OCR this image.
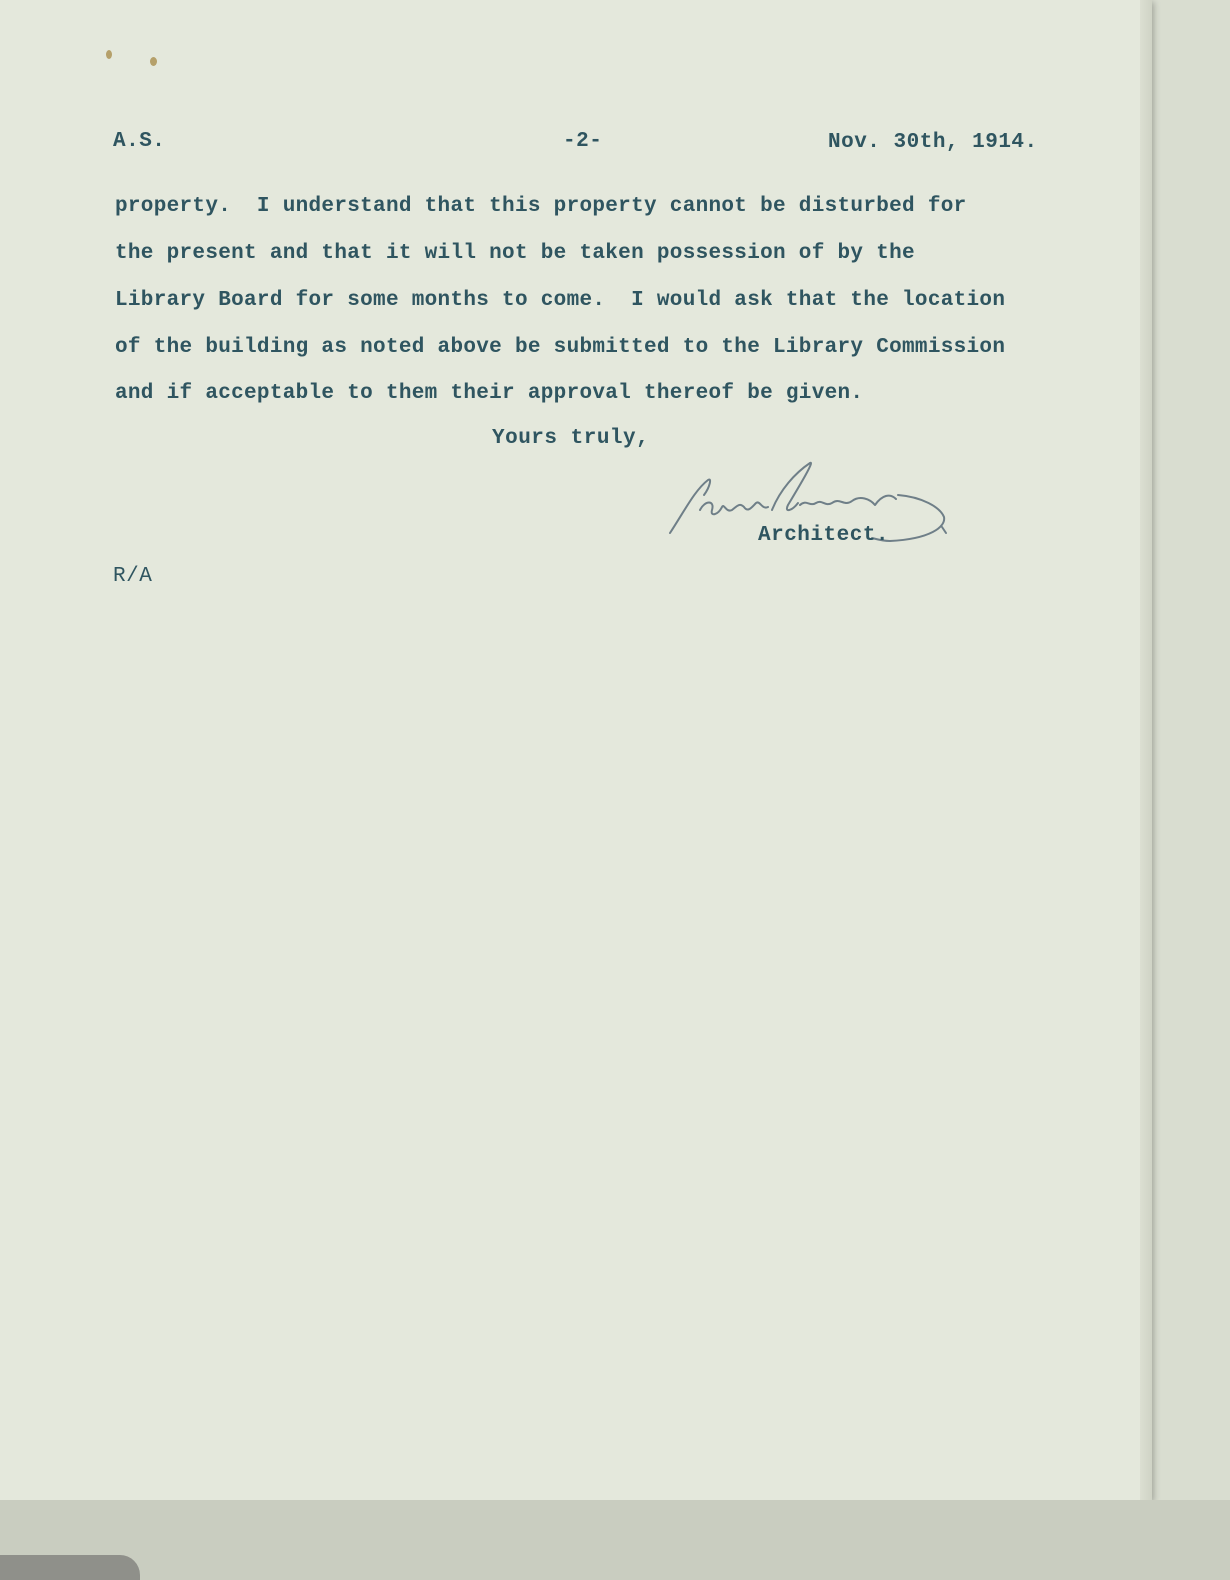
A.S.	-2-	Nov. 30th, 1914.
property.  I understand that this property cannot be disturbed for
the present and that it will not be taken possession of by the
Library Board for some months to come.  I would ask that the location
of the building as noted above be submitted to the Library Commission
and if acceptable to them their approval thereof be given.
Yours truly,
Architect.
R/A
